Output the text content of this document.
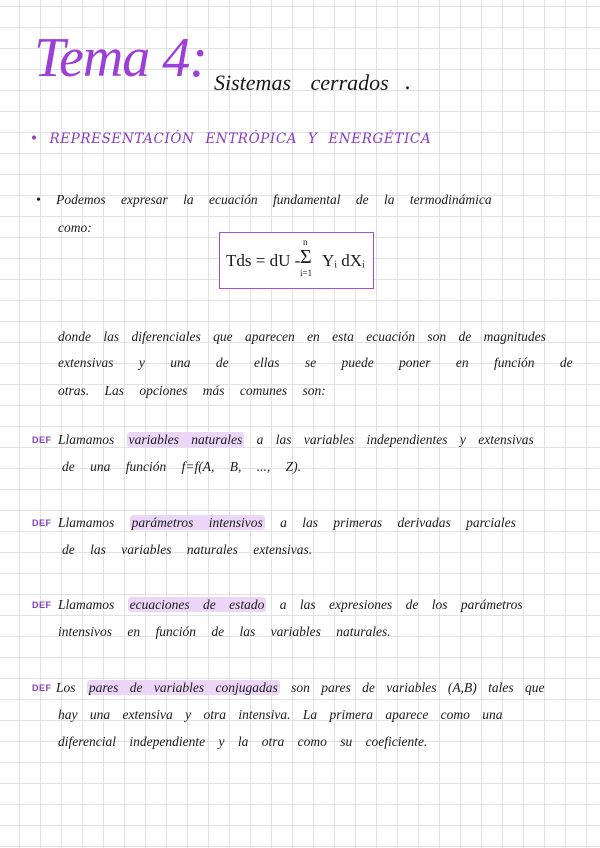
Tema 4: Sistemas cerrados .
• REPRESENTACIÓN ENTRÓPICA Y ENERGÉTICA
• Podemos expresar la ecuación fundamental de la termodinámica
como:
Tds = dU -
n
Σ
i=1
Yᵢ dXᵢ
donde las diferenciales que aparecen en esta ecuación son de magnitudes
extensivas y una de ellas se puede poner en función de
otras. Las opciones más comunes son:
DEF Llamamos variables naturales a las variables independientes y extensivas
de una función f=f(A, B, ..., Z).
DEF Llamamos parámetros intensivos a las primeras derivadas parciales
de las variables naturales extensivas.
DEF Llamamos ecuaciones de estado a las expresiones de los parámetros
intensivos en función de las variables naturales.
DEF Los pares de variables conjugadas son pares de variables (A,B) tales que
hay una extensiva y otra intensiva. La primera aparece como una
diferencial independiente y la otra como su coeficiente.
